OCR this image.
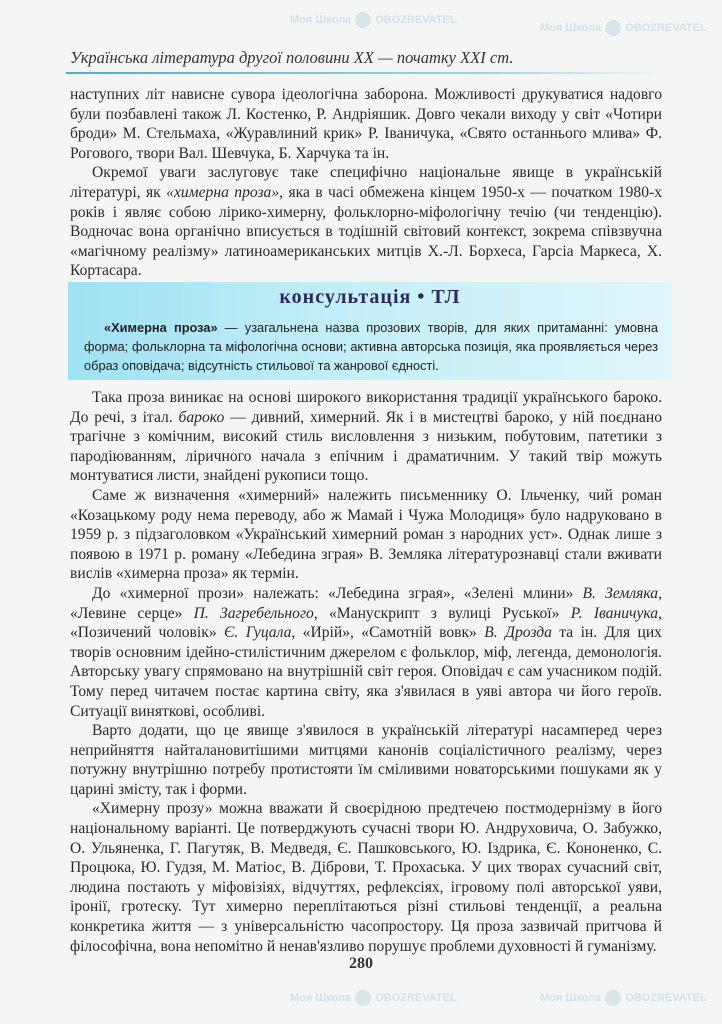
Моя Школа OBOZREVATEL
Моя Школа OBOZREVATEL
Моя Школа OBOZREVATEL	Моя Школа OBOZREVATEL
Українська література другої половини XX — початку XXI ст.

наступних літ нависне сувора ідеологічна заборона. Можливості друкуватися надовго були позбавлені також Л. Костенко, Р. Андріяшик. Довго чекали виходу у світ «Чотири броди» М. Стельмаха, «Журавлиний крик» Р. Іваничука, «Свято останнього млива» Ф. Рогового, твори Вал. Шевчука, Б. Харчука та ін.

Окремої уваги заслуговує таке специфічно національне явище в українській літературі, як «химерна проза», яка в часі обмежена кінцем 1950-х — початком 1980-х років і являє собою лірико-химерну, фольклорно-міфологічну течію (чи тенденцію). Водночас вона органічно вписується в тодішній світовий контекст, зокрема співзвучна «магічному реалізму» латиноамериканських митців Х.-Л. Борхеса, Гарсіа Маркеса, Х. Кортасара.

консультація • ТЛ
«Химерна проза» — узагальнена назва прозових творів, для яких притаманні: умовна форма; фольклорна та міфологічна основи; активна авторська позиція, яка проявляється через образ оповідача; відсутність стильової та жанрової єдності.

Така проза виникає на основі широкого використання традиції українського бароко. До речі, з італ. бароко — дивний, химерний. Як і в мистецтві бароко, у ній поєднано трагічне з комічним, високий стиль висловлення з низьким, побутовим, патетики з пародіюванням, ліричного начала з епічним і драматичним. У такий твір можуть монтуватися листи, знайдені рукописи тощо.

Саме ж визначення «химерний» належить письменнику О. Ільченку, чий роман «Козацькому роду нема переводу, або ж Мамай і Чужа Молодиця» було надруковано в 1959 р. з підзаголовком «Український химерний роман з народних уст». Однак лише з появою в 1971 р. роману «Лебедина зграя» В. Земляка літературознавці стали вживати вислів «химерна проза» як термін.

До «химерної прози» належать: «Лебедина зграя», «Зелені млини» В. Земляка, «Левине серце» П. Загребельного, «Манускрипт з вулиці Руської» Р. Іваничука, «Позичений чоловік» Є. Гуцала, «Ирій», «Самотній вовк» В. Дрозда та ін. Для цих творів основним ідейно-стилістичним джерелом є фольклор, міф, легенда, демонологія. Авторську увагу спрямовано на внутрішній світ героя. Оповідач є сам учасником подій. Тому перед читачем постає картина світу, яка з'явилася в уяві автора чи його героїв. Ситуації виняткові, особливі.

Варто додати, що це явище з'явилося в українській літературі насамперед через неприйняття найталановитішими митцями канонів соціалістичного реалізму, через потужну внутрішню потребу протистояти їм сміливими новаторськими пошуками як у царині змісту, так і форми.

«Химерну прозу» можна вважати й своєрідною предтечею постмодернізму в його національному варіанті. Це потверджують сучасні твори Ю. Андруховича, О. Забужко, О. Ульяненка, Г. Пагутяк, В. Медведя, Є. Пашковського, Ю. Іздрика, Є. Кононенко, С. Процюка, Ю. Гудзя, М. Матіос, В. Діброви, Т. Прохаська. У цих творах сучасний світ, людина постають у міфовізіях, відчуттях, рефлексіях, ігровому полі авторської уяви, іронії, гротеску. Тут химерно переплітаються різні стильові тенденції, а реальна конкретика життя — з універсальністю часопростору. Ця проза зазвичай притчова й філософічна, вона непомітно й ненав'язливо порушує проблеми духовності й гуманізму.

280
